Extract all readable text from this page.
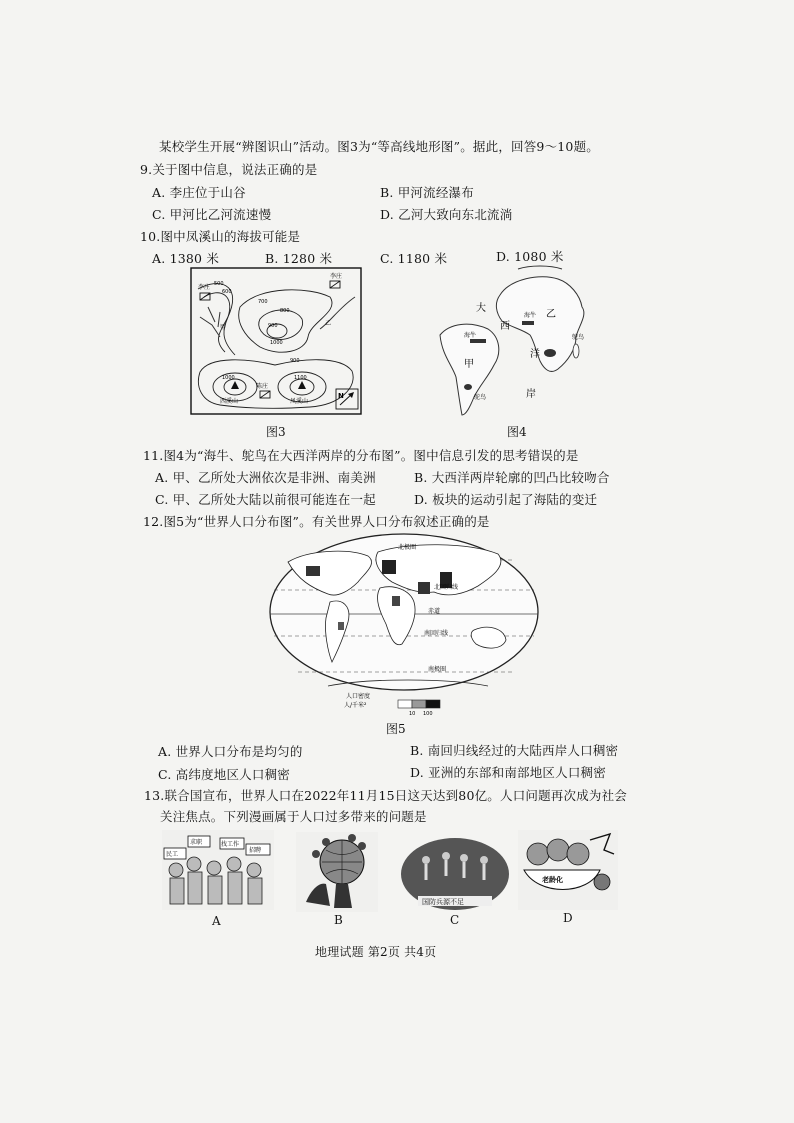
某校学生开展“辨图识山”活动。图3为“等高线地形图”。据此，回答9～10题。
9.关于图中信息，说法正确的是
A. 李庄位于山谷	B. 甲河流经瀑布
C. 甲河比乙河流速慢	D. 乙河大致向东北流淌
10.图中凤溪山的海拔可能是
A. 1380 米	B. 1280 米	C. 1180 米	D. 1080 米
李庄
李庄
陈庄
西溪山	凤溪山
甲
乙
N
500
600
700
800
900
1000
900
1000	1100
图3
大
西
洋
岸
甲
乙
海牛
海牛
鸵鸟
鸵鸟
图4
11.图4为“海牛、鸵鸟在大西洋两岸的分布图”。图中信息引发的思考错误的是
A. 甲、乙所处大洲依次是非洲、南美洲	B. 大西洋两岸轮廓的凹凸比较吻合
C. 甲、乙所处大陆以前很可能连在一起	D. 板块的运动引起了海陆的变迁
12.图5为“世界人口分布图”。有关世界人口分布叙述正确的是
北极圈
北回归线
赤道
南回归线
南极圈
人口密度
人/千米²
10 100
图5
A. 世界人口分布是均匀的	B. 南回归线经过的大陆西岸人口稠密
C. 高纬度地区人口稠密	D. 亚洲的东部和南部地区人口稠密
13.联合国宣布，世界人口在2022年11月15日这天达到80亿。人口问题再次成为社会
关注焦点。下列漫画属于人口过多带来的问题是
民工
求职	找工作
招聘
A	B
国防兵源不足
C
老龄化
D
地理试题 第2页 共4页
